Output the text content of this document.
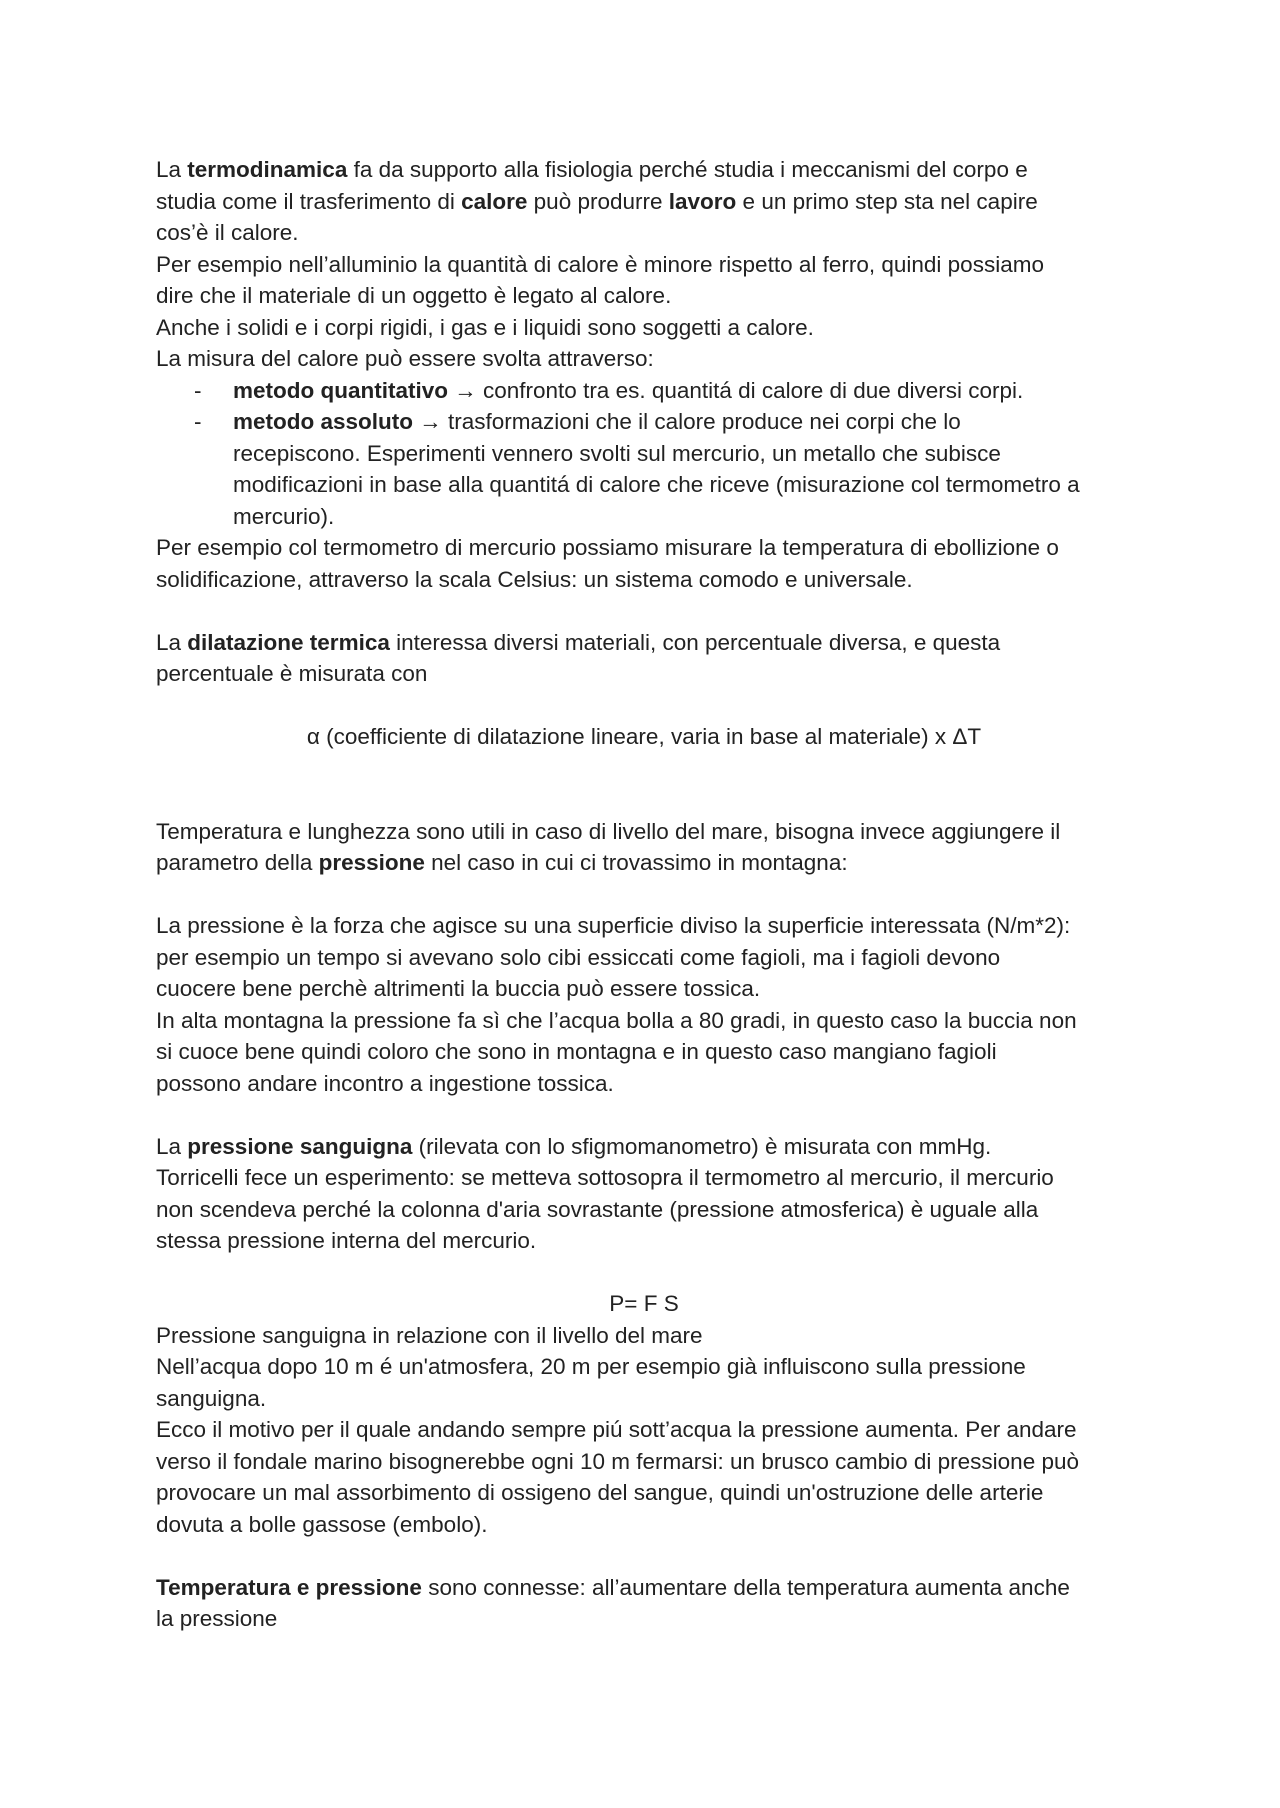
La termodinamica fa da supporto alla fisiologia perché studia i meccanismi del corpo e
studia come il trasferimento di calore può produrre lavoro e un primo step sta nel capire
cos’è il calore.
Per esempio nell’alluminio la quantità di calore è minore rispetto al ferro, quindi possiamo
dire che il materiale di un oggetto è legato al calore.
Anche i solidi e i corpi rigidi, i gas e i liquidi sono soggetti a calore.
La misura del calore può essere svolta attraverso:
- metodo quantitativo → confronto tra es. quantitá di calore di due diversi corpi.
- metodo assoluto → trasformazioni che il calore produce nei corpi che lo
recepiscono. Esperimenti vennero svolti sul mercurio, un metallo che subisce
modificazioni in base alla quantitá di calore che riceve (misurazione col termometro a
mercurio).
Per esempio col termometro di mercurio possiamo misurare la temperatura di ebollizione o
solidificazione, attraverso la scala Celsius: un sistema comodo e universale.
La dilatazione termica interessa diversi materiali, con percentuale diversa, e questa
percentuale è misurata con
α (coefficiente di dilatazione lineare, varia in base al materiale) x ΔT
Temperatura e lunghezza sono utili in caso di livello del mare, bisogna invece aggiungere il
parametro della pressione nel caso in cui ci trovassimo in montagna:
La pressione è la forza che agisce su una superficie diviso la superficie interessata (N/m*2):
per esempio un tempo si avevano solo cibi essiccati come fagioli, ma i fagioli devono
cuocere bene perchè altrimenti la buccia può essere tossica.
In alta montagna la pressione fa sì che l’acqua bolla a 80 gradi, in questo caso la buccia non
si cuoce bene quindi coloro che sono in montagna e in questo caso mangiano fagioli
possono andare incontro a ingestione tossica.
La pressione sanguigna (rilevata con lo sfigmomanometro) è misurata con mmHg.
Torricelli fece un esperimento: se metteva sottosopra il termometro al mercurio, il mercurio
non scendeva perché la colonna d'aria sovrastante (pressione atmosferica) è uguale alla
stessa pressione interna del mercurio.
P= F S
Pressione sanguigna in relazione con il livello del mare
Nell’acqua dopo 10 m é un'atmosfera, 20 m per esempio già influiscono sulla pressione
sanguigna.
Ecco il motivo per il quale andando sempre piú sott’acqua la pressione aumenta. Per andare
verso il fondale marino bisognerebbe ogni 10 m fermarsi: un brusco cambio di pressione può
provocare un mal assorbimento di ossigeno del sangue, quindi un'ostruzione delle arterie
dovuta a bolle gassose (embolo).
Temperatura e pressione sono connesse: all’aumentare della temperatura aumenta anche
la pressione
